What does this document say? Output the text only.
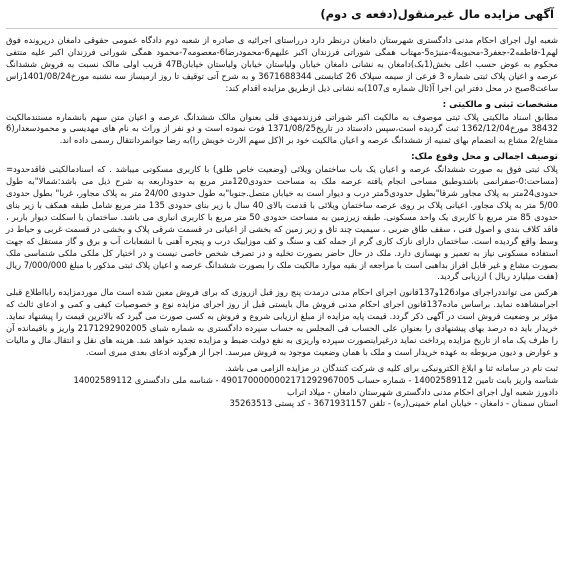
آگهی مزایده مال غیرمنقول(دفعه ی دوم)

شعبه اول اجرای احکام مدنی دادگستری شهرستان دامغان درنظر دارد درراستای اجرائیه ی صادره از شعبه دوم دادگاه عمومی حقوقی دامغان درپرونده فوق لهم1-فاطمه2-جعفر3-محبوبه4-منیژه5-مهتاب همگی شوراتی فرزندان اکبر علیهم6-محمودرضا6-معصومه7-محمود همگی شوراتی فرزندان اکبر علیه منتفی محکوم به عوض حسب اعلی بخش(1بک)دامغان به نشانی دامغان خیابان ولیاستان خیابان ولیاستان خیابان47B قریب اولی مالک نسبت به فروش ششدانگ عرصه و اعیان پلاک ثبتی شماره 3 فرعی از سیمه سپلاک 26 کتابستی 3671688344 و به شرح آتی توقیف تا روز ارمیساز سه نشنبه مورخ1401/08/24زاس ساعت8صبح در محل دفتر این اجرا آ(ثال شماره ی107)به نشانی ذیل ازطریق مزایده اقدام کند:

مشخصات ثبتی و مالکیتی :

مطابق اسناد مالکیتی پلاک ثبتی موصوف به مالکیت اکبر شوراتی فرزندمهدی قلی بعنوان مالک ششدانگ عرصه و اعیان متن سهم بانشماره مستندمالکیت 38432 مورخ1362/12/04 ثبت گردیده است،سپس دادستاد در تاریخ1371/08/25 فوت نموده است و دو نفر از وراث به نام های مهدیسی و محمودسعدار(6 مشاع/2 مشاع به انضمام بهای ثمنیه از ششدانگ عرصه و اعیان مالکیت خود بر ا(کل سهم الارث خویش را)به رضا جوانمردانتقال رسمی داده اند.

توصیف اجمالی و محل وقوع ملک:

پلاک ثبتی فوق به صورت ششدانگ عرصه و اعیان یک باب ساختمان ویلائی (وضعیت خاص طلق) با کاربری مسکونی میباشد . که اسنادمالکیتی فاقدحدود=(مساحت:0-صفرانمی باشدوطبق مساحی انجام یافته عرصه ملک به مساحت حدودی120متر مربع به حدوداربعه به شرح ذیل می باشد:شمالا"به طول حدودی24متر به پلاک مجاور شرقا"بطول حدودی5متر درب و دیوار است به خیابان متصل.جنوبا"به طول حدودی 24/00 متر به پلاک مجاور، غربا" بطول حدودی 5/00 متر به پلاک مجاور. اعیانی پلاک بر روی عرصه ساختمان ویلائی با قدمت بالای 40 سال با زیر بنای حدودی 135 متر مربع شامل طبقه همکف با زیر بنای حدودی 85 متر مربع با کاربری یک واحد مسکونی. طبقه زیرزمین به مساحت حدودی 50 متر مربع با کاربری انباری می باشد. ساختمان با اسکلت دیوار باربر ، فاقد کلاف بندی و اصول فنی ، سقف طاق ضربی ، سیمیت چند تاق و زیر زمین که بخشی از اعیانی در قسمت شرقی پلاک و بخشی در قسمت غربی و حیاط در وسط واقع گردیده است. ساختمان دارای نازک کاری گرم از جمله کف و سنگ و کف موزاییک درب و پنجره آهنی با انشعابات آب و برق و گاز مستقل که جهت استفاده مسکونی نیاز به تعمیر و بهسازی دارد. ملک در حال حاضر بصورت تخلیه و در تصرف شخص خاصی نیست و در اختیار کل ملکی ملکی شنماسی ملک بصورت مشاع و غیر قابل افراز بداهبی است با مراجعه از بقیه موارد مالکیت ملک را بصورت ششدانگ عرصه و اعیان پلاک ثبتی مذکور با مبلغ 7/000/000 ریال (هفت میلیارد ریال ) ارزیابی گردید.

هرکس می توانددراجرای مواد126و137قانون اجرای احکام مدنی درمدت پنج روز قبل ازروزی که برای فروش معین شده است مال موردمزایده رابااطلاع قبلی اجرامشاهده نماید. براساس ماده137قانون اجرای احکام مدنی فروش مال بایستی قبل از روز اجرای مزایده نوع و خصوصیات کیفی و کمی و ادعای ثالث که مؤثر بر وضعیت فروش است در آگهی ذکر گردد. قیمت پایه مزایده از مبلغ ارزیابی شروع و فروش به کسی صورت می گیرد که بالاترین قیمت را پیشنهاد نماید. خریدار باید ده درصد بهای پیشنهادی را بعنوان علی الحساب فی المجلس به حساب سپرده دادگستری به شماره شبای 2171292902005 واریز و باقیمانده آن را ظرف یک ماه از تاریخ مزایده پرداخت نماید درغیراینصورت سپرده واریزی به نفع دولت ضبط و مزایده تجدید خواهد شد. هزینه های نقل و انتقال مال و مالیات و عوارض و دیون مربوطه به عهده خریدار است و ملک با همان وضعیت موجود به فروش میرسد. اجرا از هرگونه ادعای بعدی مبری است.

ثبت نام در سامانه ثنا و ابلاغ الکترونیکی برای کلیه ی شرکت کنندگان در مزایده الزامی می باشد.

شناسه واریز بابت تامین 14002589112 - شماره حساب 4901700000002171292967005 - شناسه ملی دادگستری 14002589112

دادورز شعبه اول اجرای احکام مدنی دادگستری شهرستان دامغان - میلاد اتراب

استان سمنان - دامغان - خیابان امام خمینی(ره) - تلفن 3671931157 - کد پستی 35263513
